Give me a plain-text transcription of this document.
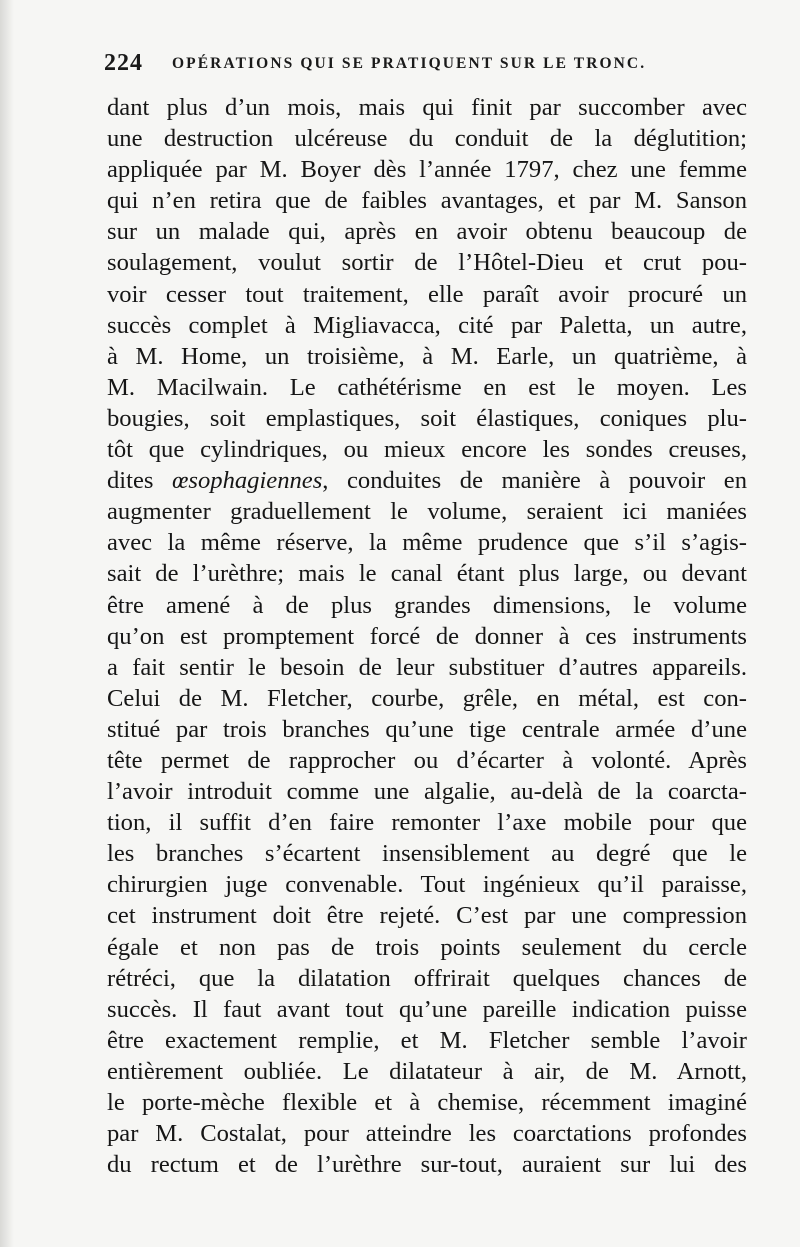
224 OPÉRATIONS QUI SE PRATIQUENT SUR LE TRONC.
dant plus d’un mois, mais qui finit par succomber avec
une destruction ulcéreuse du conduit de la déglutition;
appliquée par M. Boyer dès l’année 1797, chez une femme
qui n’en retira que de faibles avantages, et par M. Sanson
sur un malade qui, après en avoir obtenu beaucoup de
soulagement, voulut sortir de l’Hôtel-Dieu et crut pou-
voir cesser tout traitement, elle paraît avoir procuré un
succès complet à Migliavacca, cité par Paletta, un autre,
à M. Home, un troisième, à M. Earle, un quatrième, à
M. Macilwain. Le cathétérisme en est le moyen. Les
bougies, soit emplastiques, soit élastiques, coniques plu-
tôt que cylindriques, ou mieux encore les sondes creuses,
dites œsophagiennes, conduites de manière à pouvoir en
augmenter graduellement le volume, seraient ici maniées
avec la même réserve, la même prudence que s’il s’agis-
sait de l’urèthre; mais le canal étant plus large, ou devant
être amené à de plus grandes dimensions, le volume
qu’on est promptement forcé de donner à ces instruments
a fait sentir le besoin de leur substituer d’autres appareils.
Celui de M. Fletcher, courbe, grêle, en métal, est con-
stitué par trois branches qu’une tige centrale armée d’une
tête permet de rapprocher ou d’écarter à volonté. Après
l’avoir introduit comme une algalie, au-delà de la coarcta-
tion, il suffit d’en faire remonter l’axe mobile pour que
les branches s’écartent insensiblement au degré que le
chirurgien juge convenable. Tout ingénieux qu’il paraisse,
cet instrument doit être rejeté. C’est par une compression
égale et non pas de trois points seulement du cercle
rétréci, que la dilatation offrirait quelques chances de
succès. Il faut avant tout qu’une pareille indication puisse
être exactement remplie, et M. Fletcher semble l’avoir
entièrement oubliée. Le dilatateur à air, de M. Arnott,
le porte-mèche flexible et à chemise, récemment imaginé
par M. Costalat, pour atteindre les coarctations profondes
du rectum et de l’urèthre sur-tout, auraient sur lui des
